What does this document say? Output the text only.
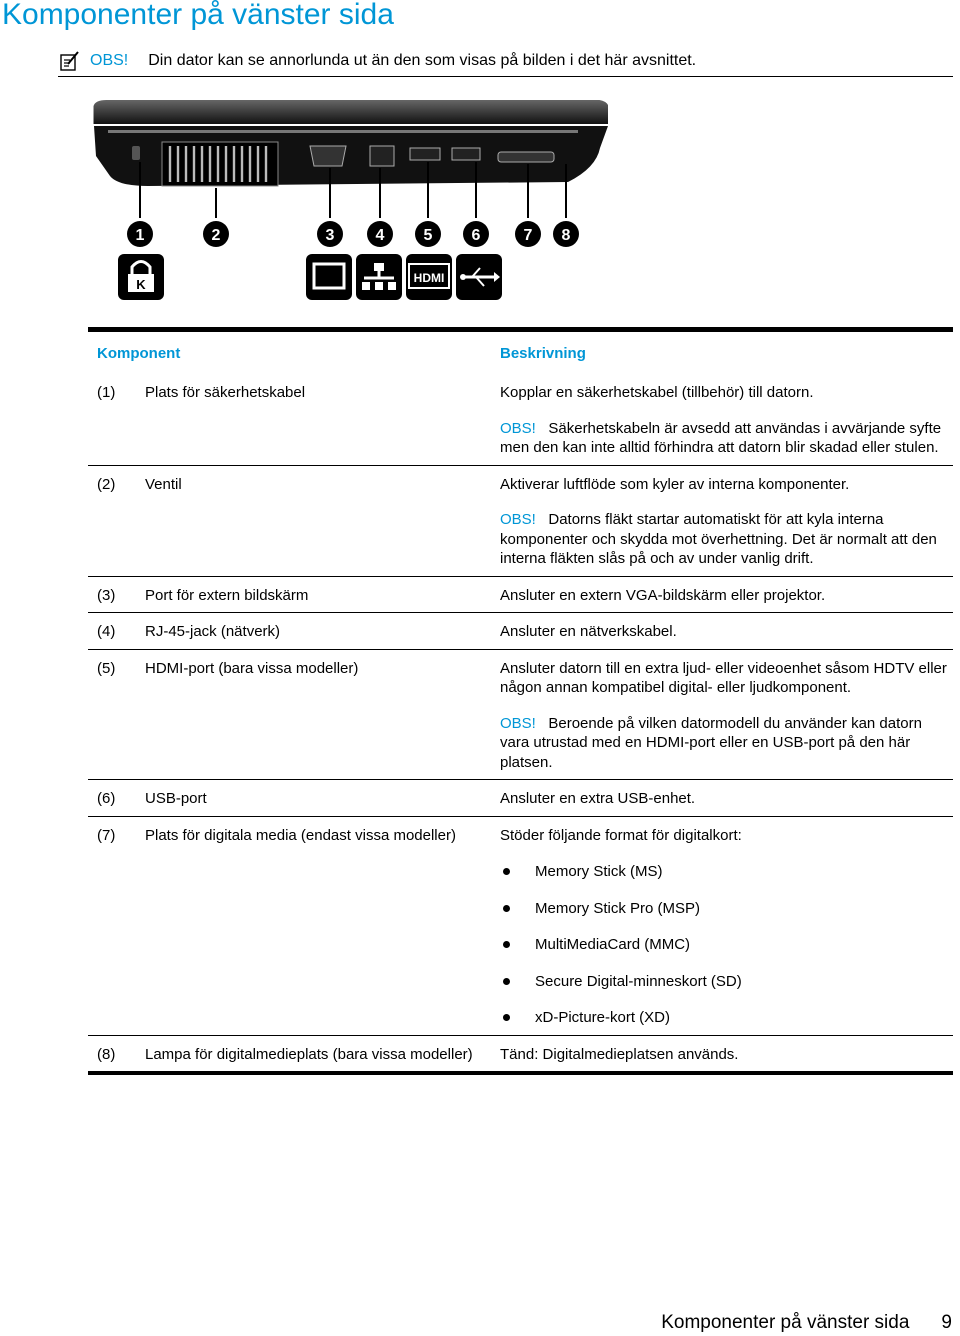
Komponenter på vänster sida
OBS! Din dator kan se annorlunda ut än den som visas på bilden i det här avsnittet.
1	2	3	4 5 6	7 8
K	HDMI
Komponent	Beskrivning
(1)	Plats för säkerhetskabel	Kopplar en säkerhetskabel (tillbehör) till datorn.
OBS! Säkerhetskabeln är avsedd att användas i avvärjande syfte men den kan inte alltid förhindra att datorn blir skadad eller stulen.
(2)	Ventil	Aktiverar luftflöde som kyler av interna komponenter.
OBS! Datorns fläkt startar automatiskt för att kyla interna komponenter och skydda mot överhettning. Det är normalt att den interna fläkten slås på och av under vanlig drift.
(3)	Port för extern bildskärm	Ansluter en extern VGA-bildskärm eller projektor.
(4)	RJ-45-jack (nätverk)	Ansluter en nätverkskabel.
(5)	HDMI-port (bara vissa modeller)	Ansluter datorn till en extra ljud- eller videoenhet såsom HDTV eller någon annan kompatibel digital- eller ljudkomponent.
OBS! Beroende på vilken datormodell du använder kan datorn vara utrustad med en HDMI-port eller en USB-port på den här platsen.
(6)	USB-port	Ansluter en extra USB-enhet.
(7)	Plats för digitala media (endast vissa modeller)	Stöder följande format för digitalkort:
Memory Stick (MS)
Memory Stick Pro (MSP)
MultiMediaCard (MMC)
Secure Digital-minneskort (SD)
xD-Picture-kort (XD)
(8)	Lampa för digitalmedieplats (bara vissa modeller)	Tänd: Digitalmedieplatsen används.
Komponenter på vänster sida 9
